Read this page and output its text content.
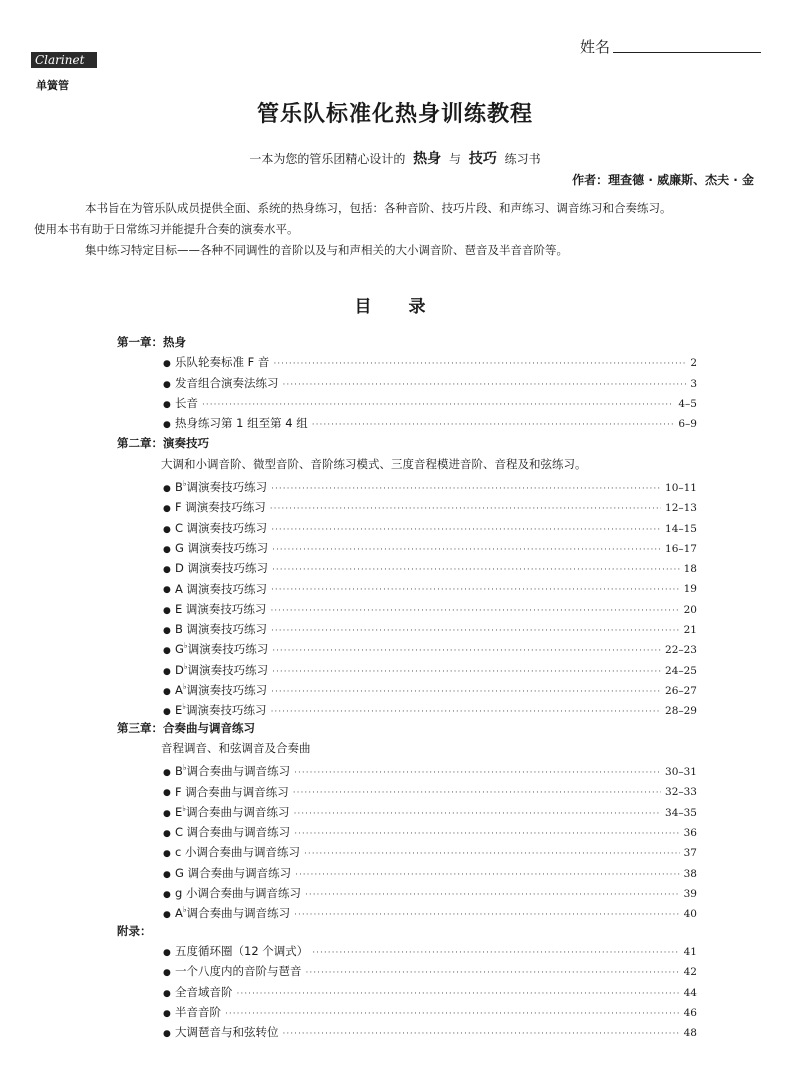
姓名
Clarinet
单簧管
管乐队标准化热身训练教程
一本为您的管乐团精心设计的 热身 与 技巧 练习书
作者：理查德 · 威廉斯、杰夫 · 金

本书旨在为管乐队成员提供全面、系统的热身练习，包括：各种音阶、技巧片段、和声练习、调音练习和合奏练习。

使用本书有助于日常练习并能提升合奏的演奏水平。

集中练习特定目标——各种不同调性的音阶以及与和声相关的大小调音阶、琶音及半音音阶等。

目　录
第一章：热身
● 乐队轮奏标准 F 音 ·····	2
● 发音组合演奏法练习 ·····	3
● 长音 ·····	4–5
● 热身练习第 1 组至第 4 组 ·····	6–9
第二章：演奏技巧
大调和小调音阶、微型音阶、音阶练习模式、三度音程模进音阶、音程及和弦练习。
● B♭调演奏技巧练习 ·····	10–11
● F 调演奏技巧练习 ·····	12–13
● C 调演奏技巧练习 ·····	14–15
● G 调演奏技巧练习 ·····	16–17
● D 调演奏技巧练习 ·····	18
● A 调演奏技巧练习 ·····	19
● E 调演奏技巧练习 ·····	20
● B 调演奏技巧练习 ·····	21
● G♭调演奏技巧练习 ·····	22–23
● D♭调演奏技巧练习 ·····	24–25
● A♭调演奏技巧练习 ·····	26–27
● E♭调演奏技巧练习 ·····	28–29
第三章：合奏曲与调音练习
音程调音、和弦调音及合奏曲
● B♭调合奏曲与调音练习 ·····	30–31
● F 调合奏曲与调音练习 ·····	32–33
● E♭调合奏曲与调音练习 ·····	34–35
● C 调合奏曲与调音练习 ·····	36
● c 小调合奏曲与调音练习 ·····	37
● G 调合奏曲与调音练习 ·····	38
● g 小调合奏曲与调音练习 ·····	39
● A♭调合奏曲与调音练习 ·····	40
附录：
● 五度循环圈（12 个调式） ·····	41
● 一个八度内的音阶与琶音 ·····	42
● 全音域音阶 ·····	44
● 半音音阶 ·····	46
● 大调琶音与和弦转位 ·····	48
